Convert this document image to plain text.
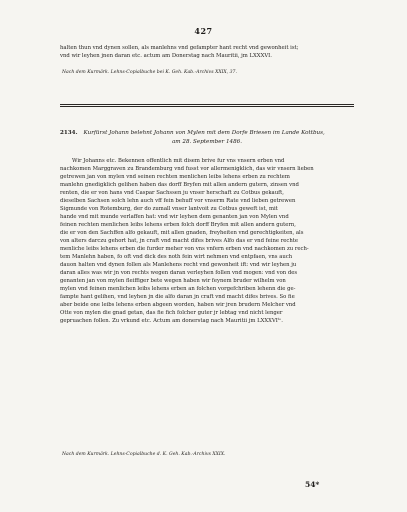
427
halten thun vnd dynen sollen, als manlehns vnd gefampter hant recht vnd gewonheit ist;
vnd wir leyhen jnen daran etc. actum am Donerstag nach Mauritii, jm LXXXVI.
Nach dem Kurmärk. Lehns-Copialbuche bei K. Geh. Kab.-Archivs XXIX, 37.
2134. Kurfürst Johann belehnt Johann von Mylen mit dem Dorfe Briesen im Lande Kottbus,
am 28. September 1486.
Wir Johanns etc. Bekennen offentlich mit disem brive fur vns vnsern erben vnd
nachkomen Marggraven zu Brandemburg vnd fusst vor allermenigklich, das wir vnsern lieben
getrewen jan von mylen vnd seinen rechten menlichen leibs lehens erben zu rechtem
manlehn gnedigklich gelihen haben das dorff Bryfen mit allen andern gutern, zinsen vnd
renten, die er von hans vnd Caspar Sachssen ju vnser herschaft zu Cotbus gekauft,
dieselben Sachsen solch lehn auch vff fein behuff vor vnserm Rate vnd lieben getrewen
Sigmunde von Rotemburg, der do zumall vnser lantvoit zu Cotbus geweft ist, mit
hande vnd mit munde verlaffen hat: vnd wir leyhen dem genanten jan von Mylen vnd
feinen rechten menlichen leibs lehens erben folch dorff Bryfen mit allen andern gutern,
die er von den Sachffen alfo gekauft, mit allen gnaden, freyheiten vnd gerechtigkeiten, als
von alters darczu gehort hat, jn craft vnd macht difes brives Alfo das er vnd feine rechte
menliche leibs lehens erben die furder meher von vns vnfern erben vnd nachkomen zu rech-
tem Manlehn haben, fo oft vnd dick des noth fein wirt nehmen vnd entpfaen, vns auch
dauon halten vnd dynen follen als Manlehens recht vnd gewonheit ift: vnd wir leyhen ju
daran alles was wir jn von rechts wegen daran verleyhen follen vnd mogen: vnd von des
genanten jan von mylen fleiffiger bete wegen haben wir feynem bruder wilhelm von
mylen vnd feinen menlichen leibs lehens erben an folchen vorgefchriben lehenn die ge-
fampte hant gelihen, vnd leyhen jn die alfo daran jn craft vnd macht difes brives. So fie
aber beide one leibs lehens erben abgeen worden, haben wir jren brudern Melcher vnd
Otte von mylen die gnad getan, das fie fich folcher guter jr lebtag vnd nicht lenger
gepruachen follen. Zu vrkund etc. Actum am donerstag nach Mauritii jm LXXXVIᵗᵒ.
Nach dem Kurmärk. Lehns-Copialbuche d. K. Geh. Kab.-Archivs XXIX.
54*
